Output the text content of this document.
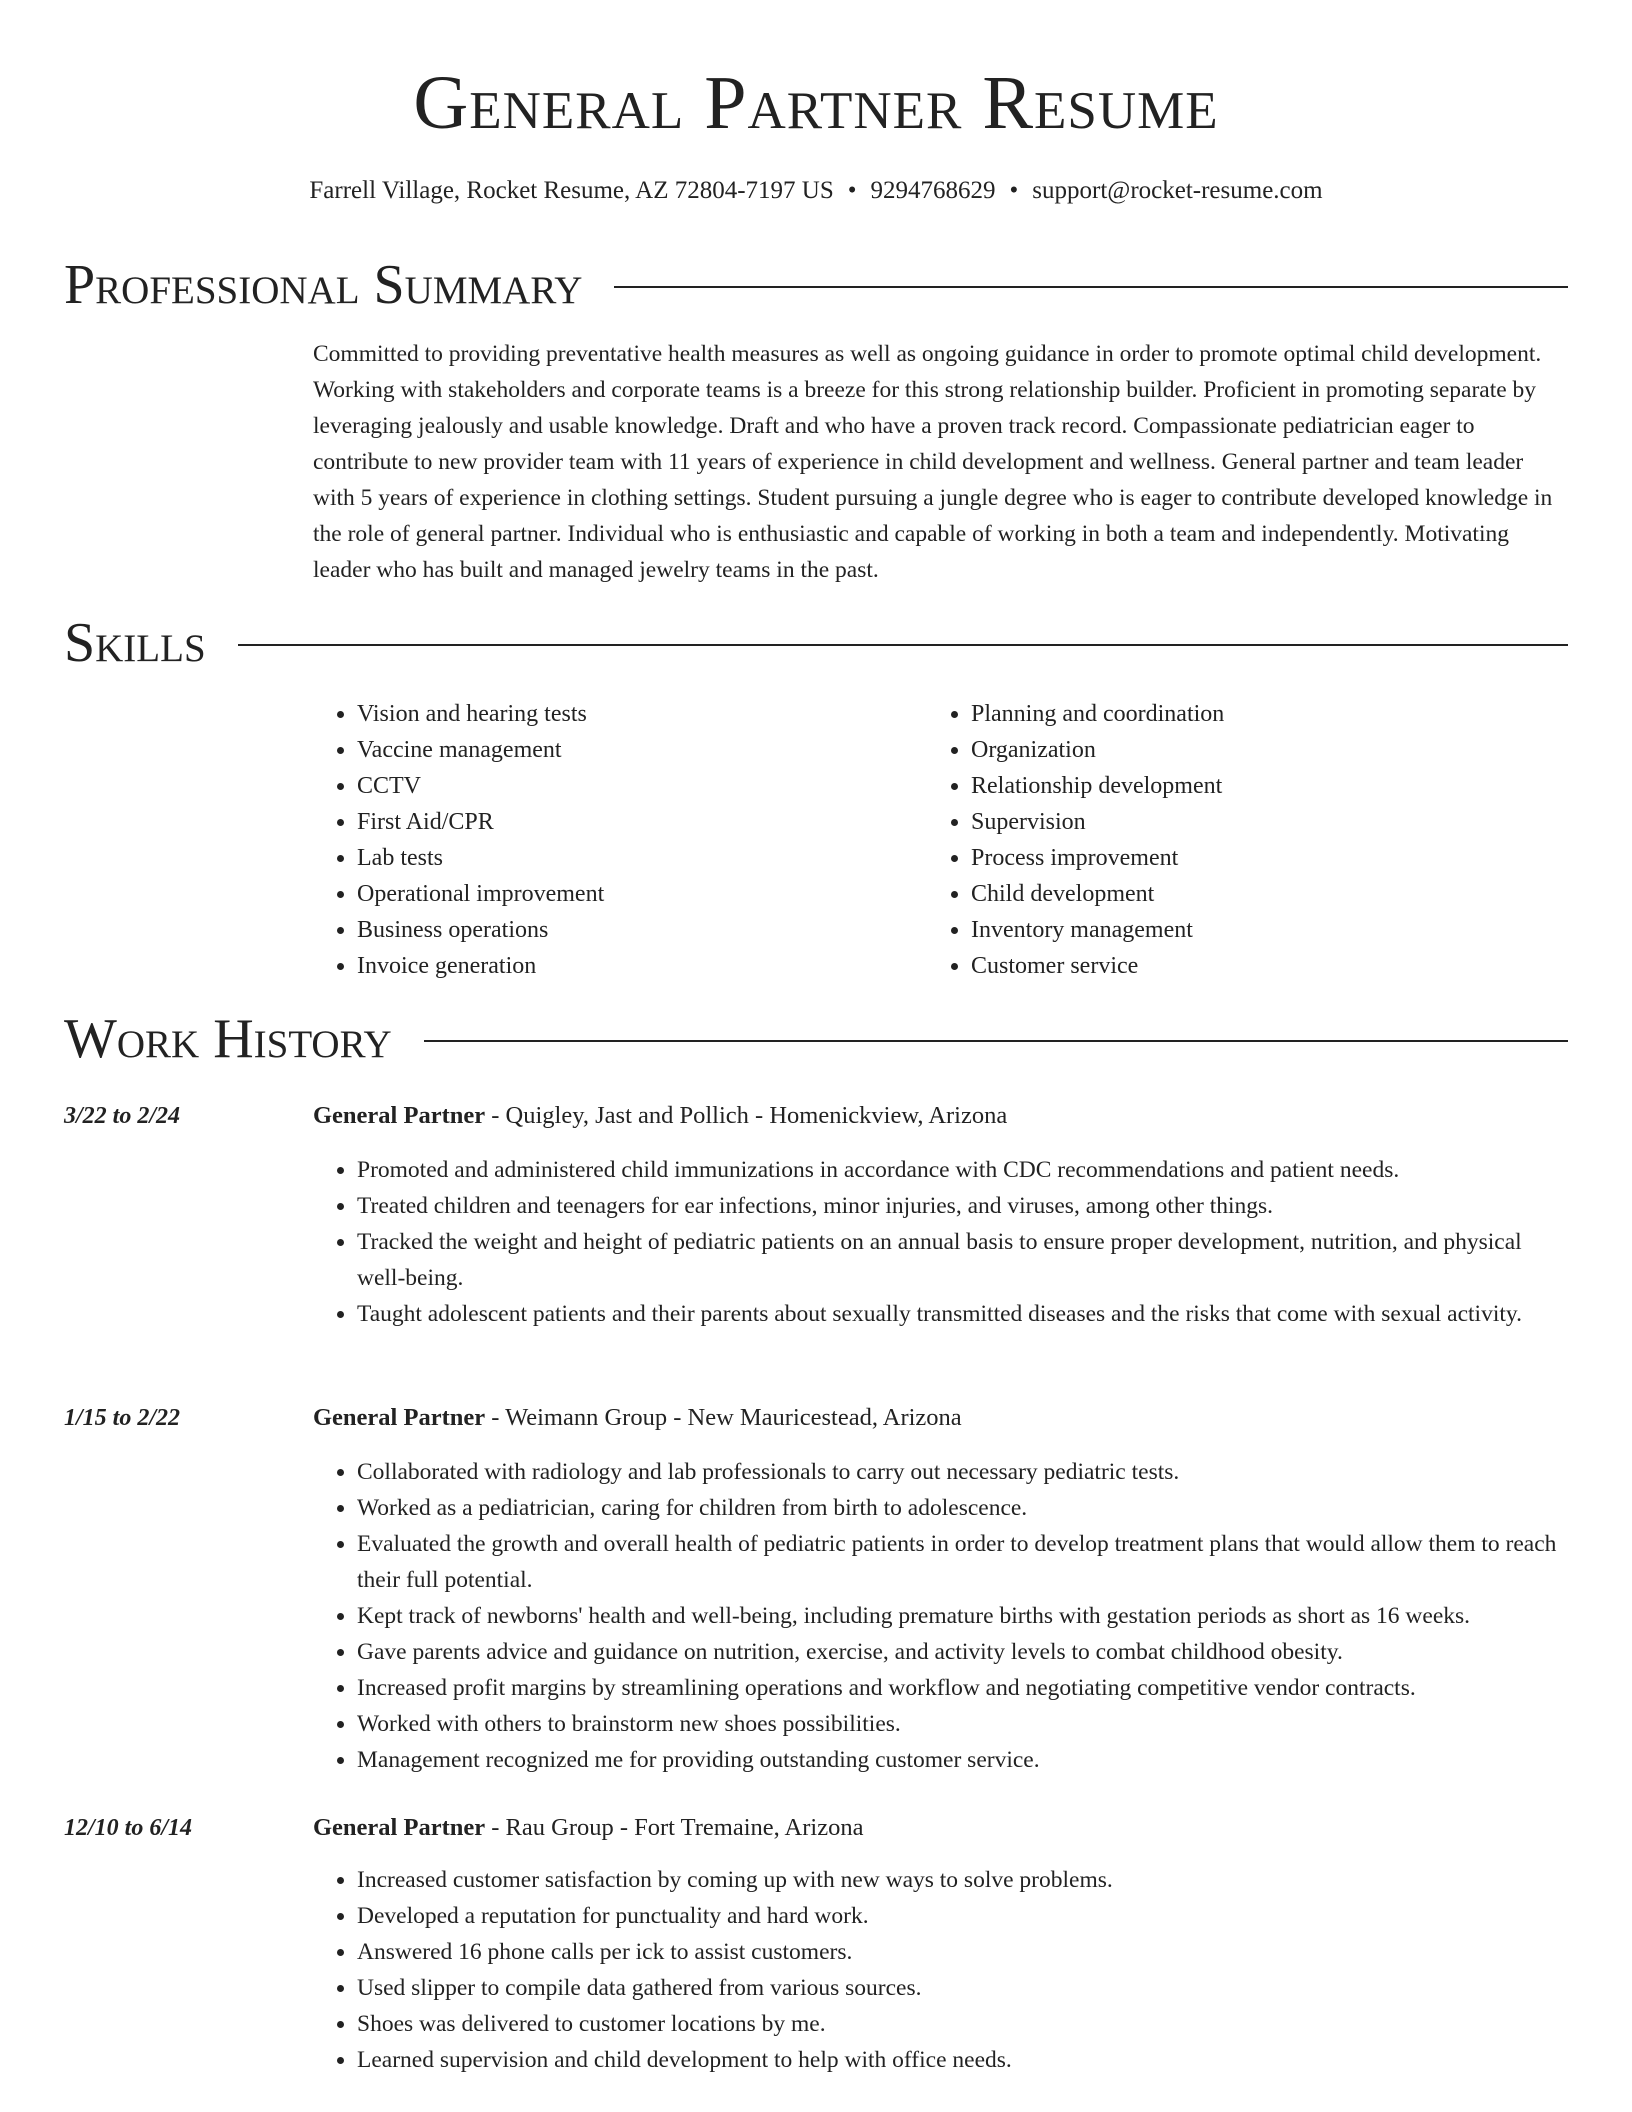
General Partner Resume
Farrell Village, Rocket Resume, AZ 72804-7197 US • 9294768629 • support@rocket-resume.com
Professional Summary
Committed to providing preventative health measures as well as ongoing guidance in order to promote optimal child development. Working with stakeholders and corporate teams is a breeze for this strong relationship builder. Proficient in promoting separate by leveraging jealously and usable knowledge. Draft and who have a proven track record. Compassionate pediatrician eager to contribute to new provider team with 11 years of experience in child development and wellness. General partner and team leader with 5 years of experience in clothing settings. Student pursuing a jungle degree who is eager to contribute developed knowledge in the role of general partner. Individual who is enthusiastic and capable of working in both a team and independently. Motivating leader who has built and managed jewelry teams in the past.
Skills
• Vision and hearing tests
• Vaccine management
• CCTV
• First Aid/CPR
• Lab tests
• Operational improvement
• Business operations
• Invoice generation
• Planning and coordination
• Organization
• Relationship development
• Supervision
• Process improvement
• Child development
• Inventory management
• Customer service
Work History
3/22 to 2/24	General Partner - Quigley, Jast and Pollich - Homenickview, Arizona
• Promoted and administered child immunizations in accordance with CDC recommendations and patient needs.
• Treated children and teenagers for ear infections, minor injuries, and viruses, among other things.
• Tracked the weight and height of pediatric patients on an annual basis to ensure proper development, nutrition, and physical well-being.
• Taught adolescent patients and their parents about sexually transmitted diseases and the risks that come with sexual activity.
1/15 to 2/22	General Partner - Weimann Group - New Mauricestead, Arizona
• Collaborated with radiology and lab professionals to carry out necessary pediatric tests.
• Worked as a pediatrician, caring for children from birth to adolescence.
• Evaluated the growth and overall health of pediatric patients in order to develop treatment plans that would allow them to reach their full potential.
• Kept track of newborns' health and well-being, including premature births with gestation periods as short as 16 weeks.
• Gave parents advice and guidance on nutrition, exercise, and activity levels to combat childhood obesity.
• Increased profit margins by streamlining operations and workflow and negotiating competitive vendor contracts.
• Worked with others to brainstorm new shoes possibilities.
• Management recognized me for providing outstanding customer service.
12/10 to 6/14	General Partner - Rau Group - Fort Tremaine, Arizona
• Increased customer satisfaction by coming up with new ways to solve problems.
• Developed a reputation for punctuality and hard work.
• Answered 16 phone calls per ick to assist customers.
• Used slipper to compile data gathered from various sources.
• Shoes was delivered to customer locations by me.
• Learned supervision and child development to help with office needs.
